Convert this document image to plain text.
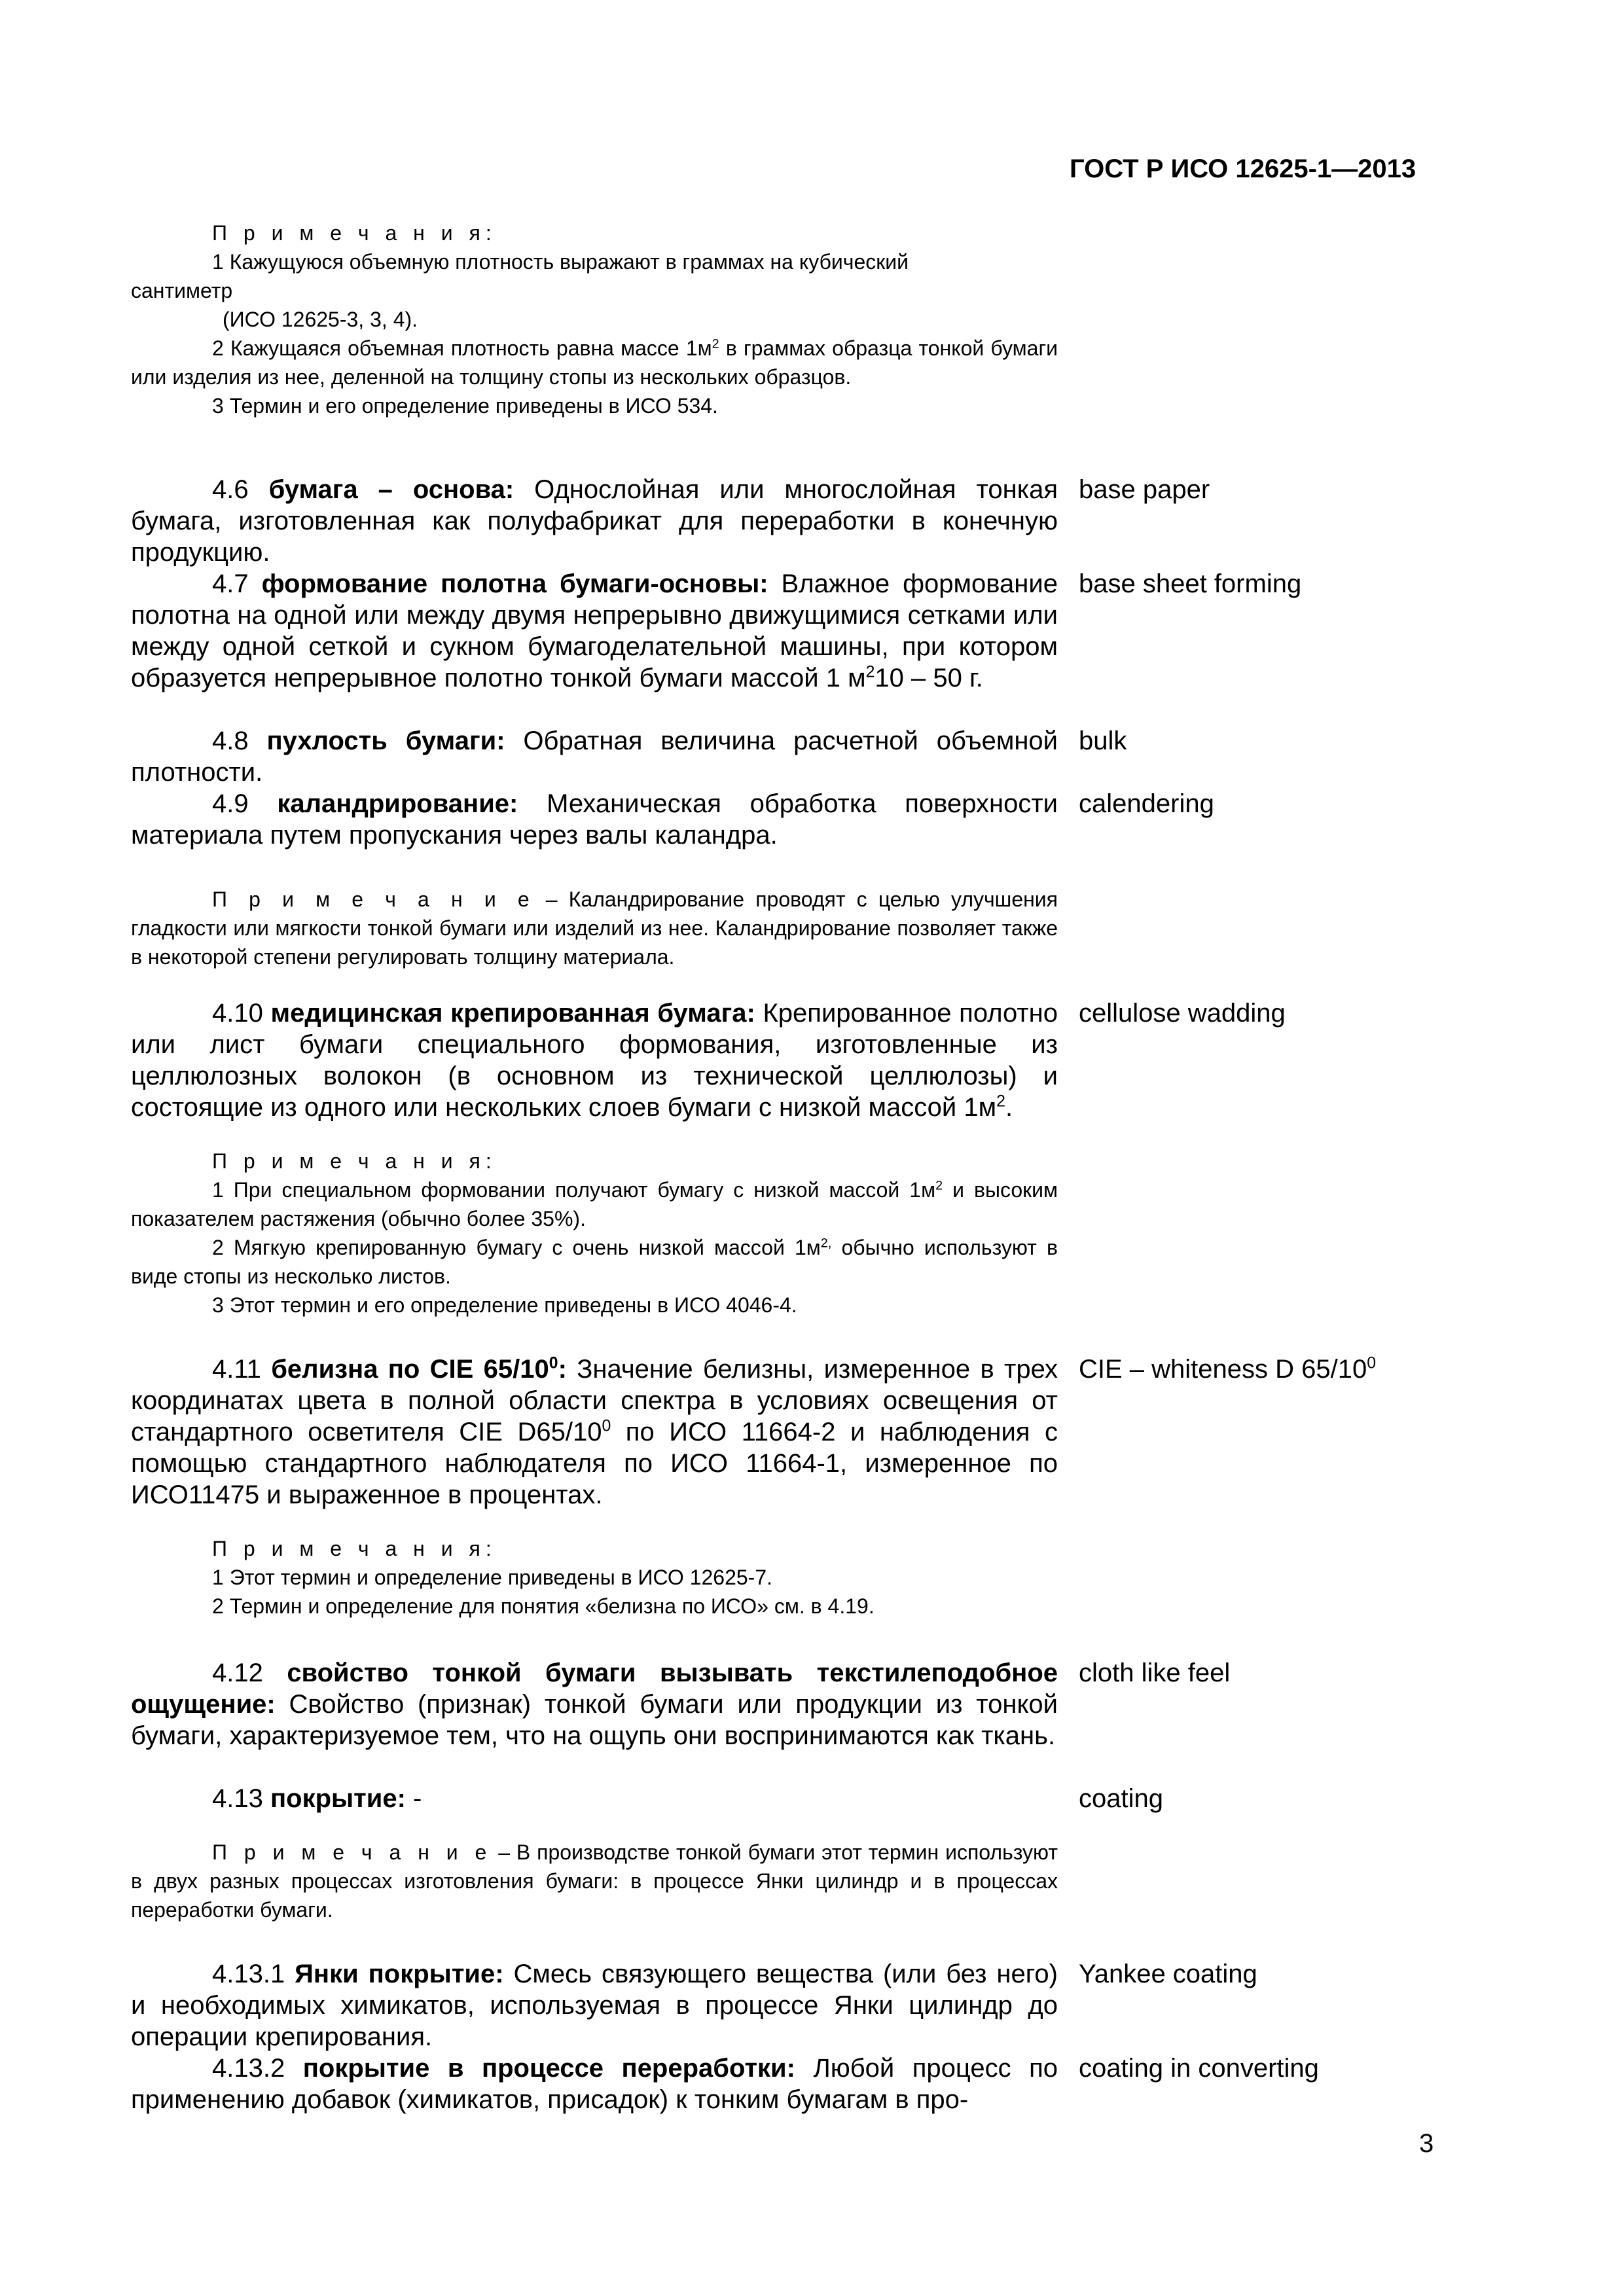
ГОСТ Р ИСО 12625-1—2013
П р и м е ч а н и я:
1 Кажущуюся объемную плотность выражают в граммах на кубический
сантиметр
(ИСО 12625-3, 3, 4).
2 Кажущаяся объемная плотность равна массе $1м^2$ в граммах образца тонкой бумаги или изделия из нее, деленной на толщину стопы из нескольких образцов.
3 Термин и его определение приведены в ИСО 534.
4.6 бумага – основа: Однослойная или многослойная тонкая бумага, изготовленная как полуфабрикат для переработки в конечную продукцию.
base paper
4.7 формование полотна бумаги-основы: Влажное формование полотна на одной или между двумя непрерывно движущимися сетками или между одной сеткой и сукном бумагоделательной машины, при котором образуется непрерывное полотно тонкой бумаги массой 1 $м^210 - 50$ г.
base sheet forming
4.8 пухлость бумаги: Обратная величина расчетной объемной плотности.
bulk
4.9 каландрирование: Механическая обработка поверхности материала путем пропускания через валы каландра.
calendering
П р и м е ч а н и е – Каландрирование проводят с целью улучшения гладкости или мягкости тонкой бумаги или изделий из нее. Каландрирование позволяет также в некоторой степени регулировать толщину материала.
4.10 медицинская крепированная бумага: Крепированное полотно или лист бумаги специального формования, изготовленные из целлюлозных волокон (в основном из технической целлюлозы) и состоящие из одного или нескольких слоев бумаги с низкой массой $1м^2$.
cellulose wadding
П р и м е ч а н и я:
1 При специальном формовании получают бумагу с низкой массой $1м^2$ и высоким показателем растяжения (обычно более 35%).
2 Мягкую крепированную бумагу с очень низкой массой $1м^{2,}$ обычно используют в виде стопы из несколько листов.
3 Этот термин и его определение приведены в ИСО 4046-4.
4.11 белизна по CIE $65/10^0$: Значение белизны, измеренное в трех координатах цвета в полной области спектра в условиях освещения от стандартного осветителя CIE $D65/10^0$ по ИСО 11664-2 и наблюдения с помощью стандартного наблюдателя по ИСО 11664-1, измеренное по ИСО11475 и выраженное в процентах.
CIE – whiteness D $65/10^0$
П р и м е ч а н и я:
1 Этот термин и определение приведены в ИСО 12625-7.
2 Термин и определение для понятия «белизна по ИСО» см. в 4.19.
4.12 свойство тонкой бумаги вызывать текстилеподобное ощущение: Свойство (признак) тонкой бумаги или продукции из тонкой бумаги, характеризуемое тем, что на ощупь они воспринимаются как ткань.
cloth like feel
4.13 покрытие: -	coating
П р и м е ч а н и е – В производстве тонкой бумаги этот термин используют в двух разных процессах изготовления бумаги: в процессе Янки цилиндр и в процессах переработки бумаги.
4.13.1 Янки покрытие: Смесь связующего вещества (или без него) и необходимых химикатов, используемая в процессе Янки цилиндр до операции крепирования.
Yankee coating
4.13.2 покрытие в процессе переработки: Любой процесс по применению добавок (химикатов, присадок) к тонким бумагам в про-
coating in converting
3
